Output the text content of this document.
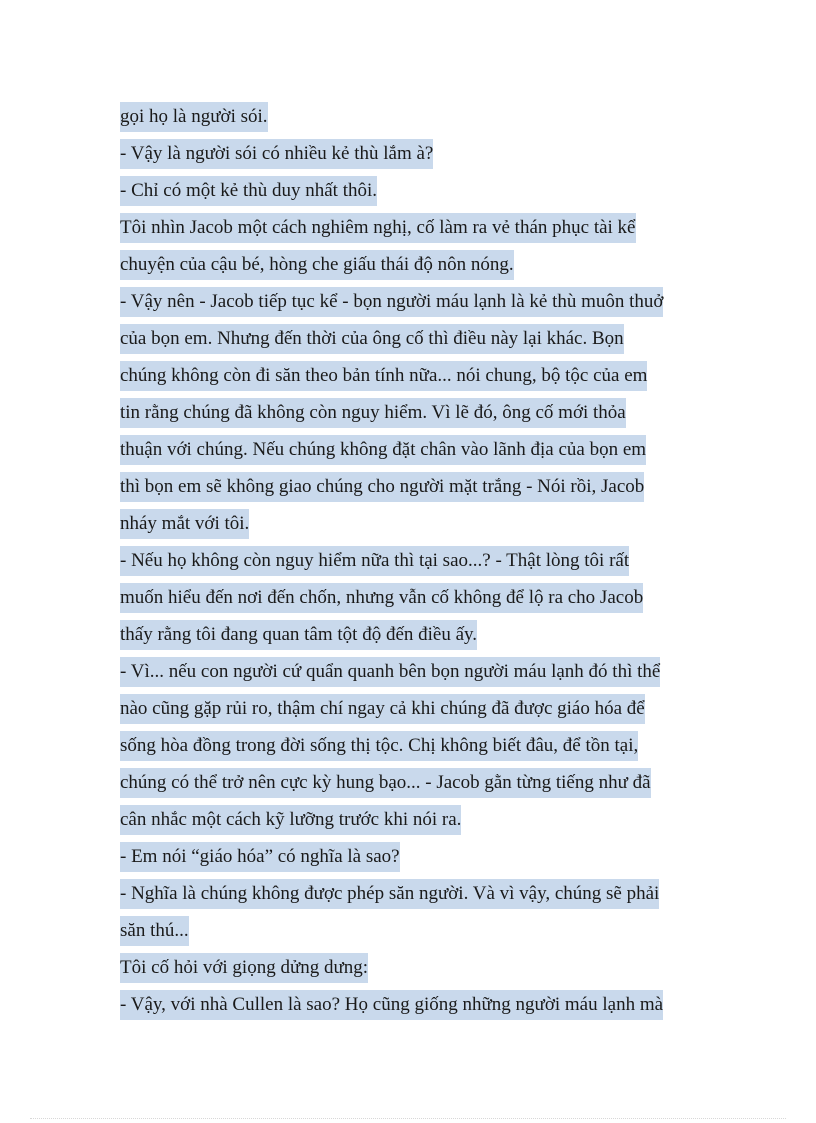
gọi họ là người sói.
- Vậy là người sói có nhiều kẻ thù lắm à?
- Chỉ có một kẻ thù duy nhất thôi.
Tôi nhìn Jacob một cách nghiêm nghị, cố làm ra vẻ thán phục tài kể
chuyện của cậu bé, hòng che giấu thái độ nôn nóng.
- Vậy nên - Jacob tiếp tục kể - bọn người máu lạnh là kẻ thù muôn thuở
của bọn em. Nhưng đến thời của ông cố thì điều này lại khác. Bọn
chúng không còn đi săn theo bản tính nữa... nói chung, bộ tộc của em
tin rằng chúng đã không còn nguy hiểm. Vì lẽ đó, ông cố mới thỏa
thuận với chúng. Nếu chúng không đặt chân vào lãnh địa của bọn em
thì bọn em sẽ không giao chúng cho người mặt trắng - Nói rồi, Jacob
nháy mắt với tôi.
- Nếu họ không còn nguy hiểm nữa thì tại sao...? - Thật lòng tôi rất
muốn hiểu đến nơi đến chốn, nhưng vẫn cố không để lộ ra cho Jacob
thấy rằng tôi đang quan tâm tột độ đến điều ấy.
- Vì... nếu con người cứ quẩn quanh bên bọn người máu lạnh đó thì thể
nào cũng gặp rủi ro, thậm chí ngay cả khi chúng đã được giáo hóa để
sống hòa đồng trong đời sống thị tộc. Chị không biết đâu, để tồn tại,
chúng có thể trở nên cực kỳ hung bạo... - Jacob gằn từng tiếng như đã
cân nhắc một cách kỹ lưỡng trước khi nói ra.
- Em nói “giáo hóa” có nghĩa là sao?
- Nghĩa là chúng không được phép săn người. Và vì vậy, chúng sẽ phải
săn thú...
Tôi cố hỏi với giọng dửng dưng:
- Vậy, với nhà Cullen là sao? Họ cũng giống những người máu lạnh mà
